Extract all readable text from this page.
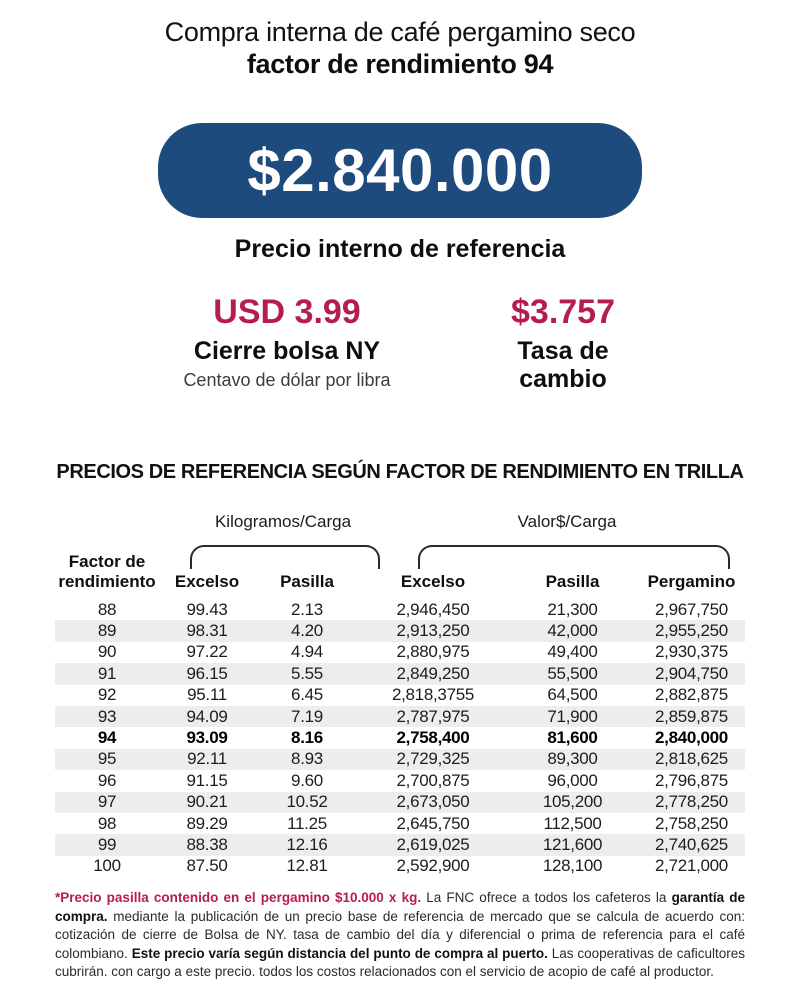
Compra interna de café pergamino seco
factor de rendimiento 94
$2.840.000
Precio interno de referencia
USD 3.99
Cierre bolsa NY
Centavo de dólar por libra
$3.757
Tasa de
cambio
PRECIOS DE REFERENCIA SEGÚN FACTOR DE RENDIMIENTO EN TRILLA
Kilogramos/Carga	Valor$/Carga
Factor de
rendimiento	Excelso	Pasilla	Excelso	Pasilla	Pergamino
88	99.43	2.13	2,946,450	21,300	2,967,750
89	98.31	4.20	2,913,250	42,000	2,955,250
90	97.22	4.94	2,880,975	49,400	2,930,375
91	96.15	5.55	2,849,250	55,500	2,904,750
92	95.11	6.45	2,818,3755	64,500	2,882,875
93	94.09	7.19	2,787,975	71,900	2,859,875
94	93.09	8.16	2,758,400	81,600	2,840,000
95	92.11	8.93	2,729,325	89,300	2,818,625
96	91.15	9.60	2,700,875	96,000	2,796,875
97	90.21	10.52	2,673,050	105,200	2,778,250
98	89.29	11.25	2,645,750	112,500	2,758,250
99	88.38	12.16	2,619,025	121,600	2,740,625
100	87.50	12.81	2,592,900	128,100	2,721,000

*Precio pasilla contenido en el pergamino $10.000 x kg. La FNC ofrece a todos los cafeteros la garantía de compra. mediante la publicación de un precio base de referencia de mercado que se calcula de acuerdo con: cotización de cierre de Bolsa de NY. tasa de cambio del día y diferencial o prima de referencia para el café colombiano. Este precio varía según distancia del punto de compra al puerto. Las cooperativas de caficultores cubrirán. con cargo a este precio. todos los costos relacionados con el servicio de acopio de café al productor.
